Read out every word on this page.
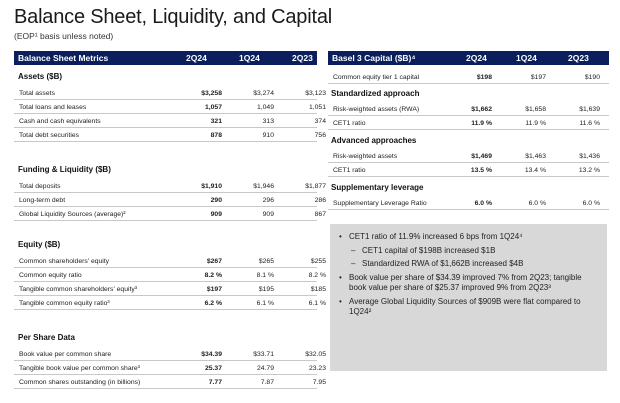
Balance Sheet, Liquidity, and Capital
(EOP¹ basis unless noted)
Balance Sheet Metrics	2Q24	1Q24	2Q23
Assets ($B)
Total assets	$3,258	$3,274	$3,123
Total loans and leases	1,057	1,049	1,051
Cash and cash equivalents	321	313	374
Total debt securities	878	910	756
Funding & Liquidity ($B)
Total deposits	$1,910	$1,946	$1,877
Long-term debt	290	296	286
Global Liquidity Sources (average)²	909	909	867
Equity ($B)
Common shareholders' equity	$267	$265	$255
Common equity ratio	8.2 %	8.1 %	8.2 %
Tangible common shareholders' equity³	$197	$195	$185
Tangible common equity ratio³	6.2 %	6.1 %	6.1 %
Per Share Data
Book value per common share	$34.39	$33.71	$32.05
Tangible book value per common share³	25.37	24.79	23.23
Common shares outstanding (in billions)	7.77	7.87	7.95
Basel 3 Capital ($B)⁴	2Q24	1Q24	2Q23
Common equity tier 1 capital	$198	$197	$190
Standardized approach
Risk-weighted assets (RWA)	$1,662	$1,658	$1,639
CET1 ratio	11.9 %	11.9 %	11.6 %
Advanced approaches
Risk-weighted assets	$1,469	$1,463	$1,436
CET1 ratio	13.5 %	13.4 %	13.2 %
Supplementary leverage
Supplementary Leverage Ratio	6.0 %	6.0 %	6.0 %
• CET1 ratio of 11.9% increased 6 bps from 1Q24⁴
– CET1 capital of $198B increased $1B
– Standardized RWA of $1,662B increased $4B
• Book value per share of $34.39 improved 7% from 2Q23; tangible book value per share of $25.37 improved 9% from 2Q23³
• Average Global Liquidity Sources of $909B were flat compared to 1Q24²
